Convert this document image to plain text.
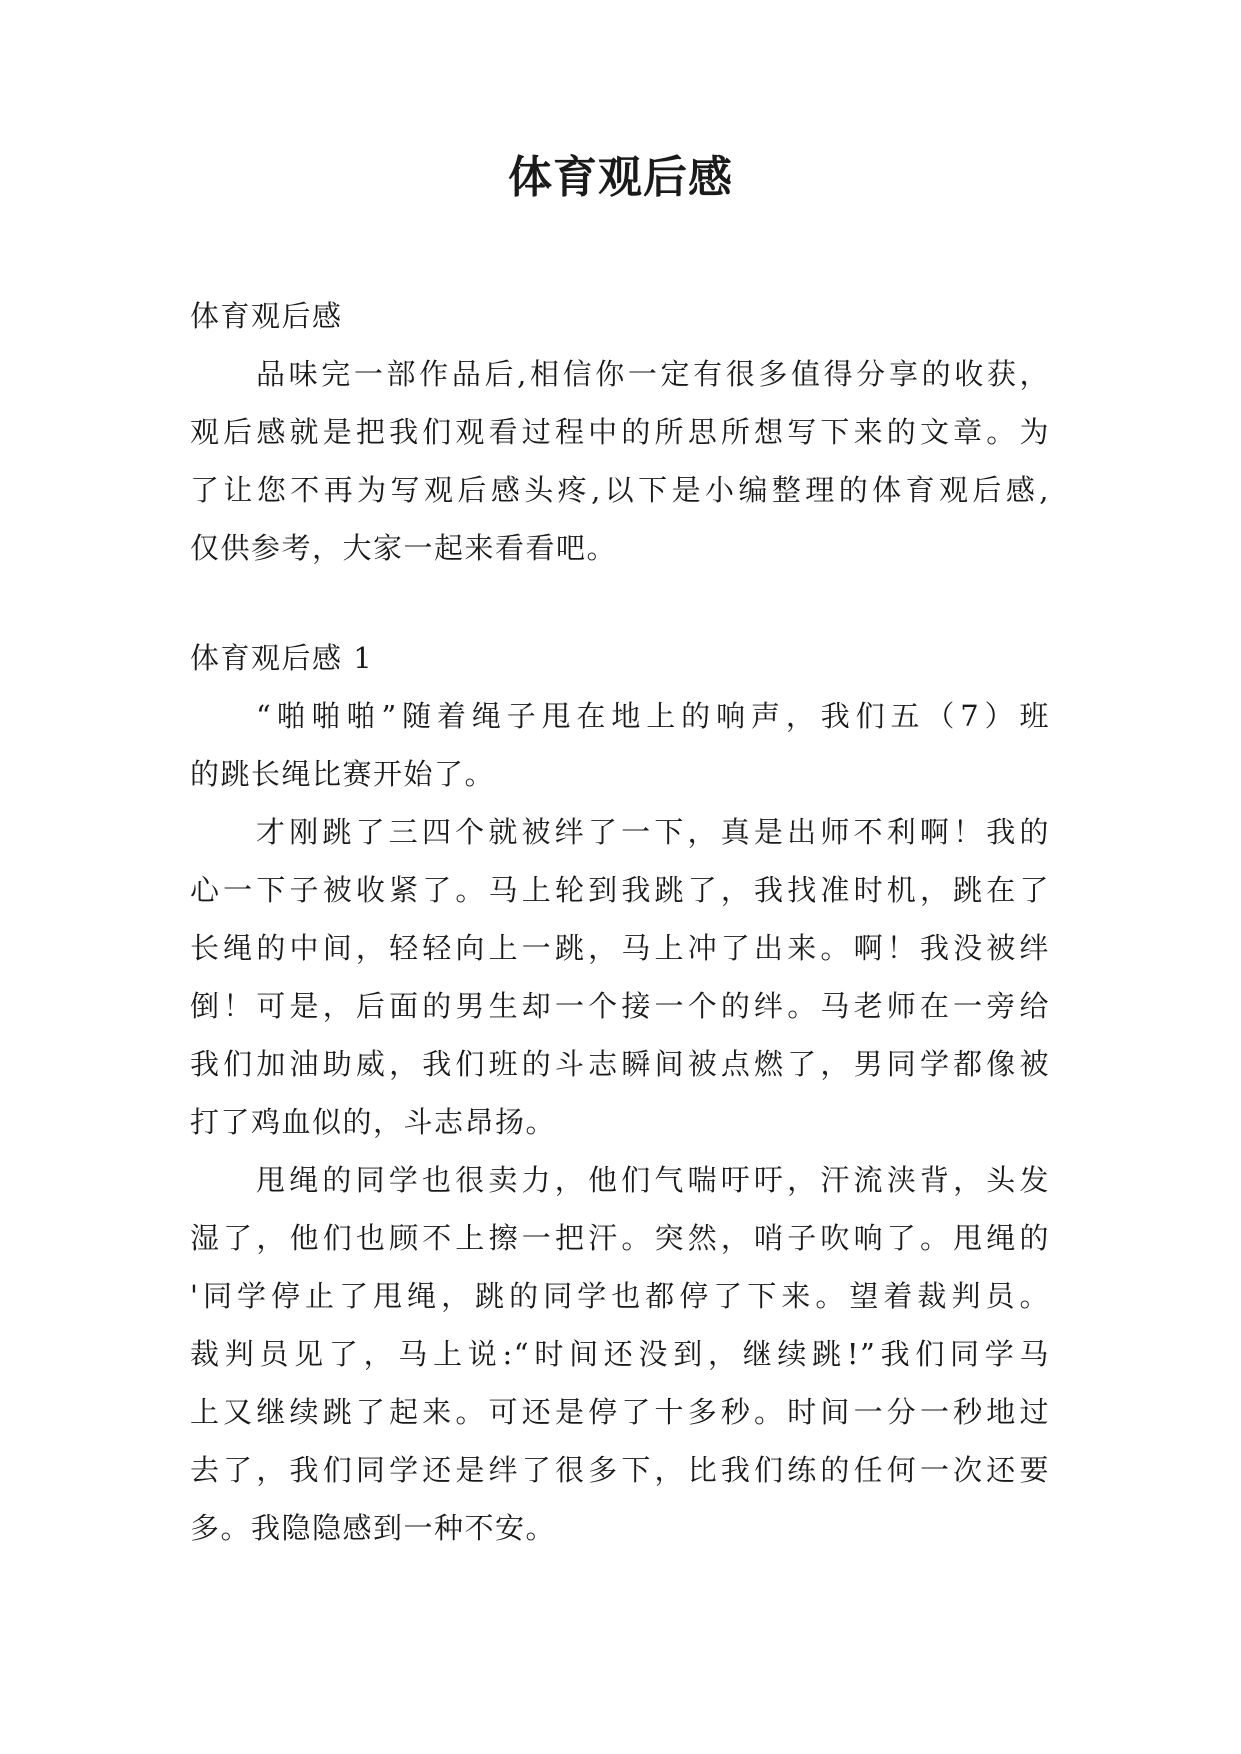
体育观后感
体育观后感
品味完一部作品后,相信你一定有很多值得分享的收获，
观后感就是把我们观看过程中的所思所想写下来的文章。为
了让您不再为写观后感头疼,以下是小编整理的体育观后感,
仅供参考，大家一起来看看吧。
体育观后感 1
“啪啪啪”随着绳子甩在地上的响声，我们五（7）班
的跳长绳比赛开始了。
才刚跳了三四个就被绊了一下，真是出师不利啊！我的
心一下子被收紧了。马上轮到我跳了，我找准时机，跳在了
长绳的中间，轻轻向上一跳，马上冲了出来。啊！我没被绊
倒！可是，后面的男生却一个接一个的绊。马老师在一旁给
我们加油助威，我们班的斗志瞬间被点燃了，男同学都像被
打了鸡血似的，斗志昂扬。
甩绳的同学也很卖力，他们气喘吁吁，汗流浃背，头发
湿了，他们也顾不上擦一把汗。突然，哨子吹响了。甩绳的
'同学停止了甩绳，跳的同学也都停了下来。望着裁判员。
裁判员见了，马上说:“时间还没到，继续跳!”我们同学马
上又继续跳了起来。可还是停了十多秒。时间一分一秒地过
去了，我们同学还是绊了很多下，比我们练的任何一次还要
多。我隐隐感到一种不安。
